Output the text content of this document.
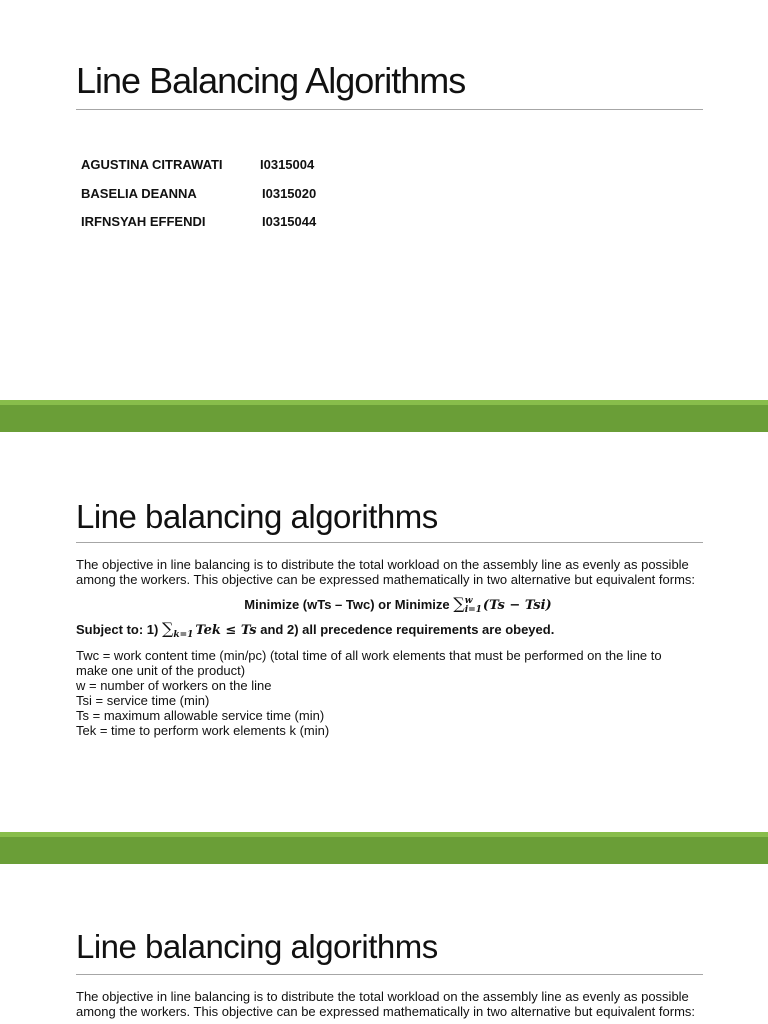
Line Balancing Algorithms
AGUSTINA CITRAWATI	I0315004
BASELIA DEANNA	I0315020
IRFNSYAH EFFENDI	I0315044
Line balancing algorithms

The objective in line balancing is to distribute the total workload on the assembly line as evenly as possible among the workers. This objective can be expressed mathematically in two alternative but equivalent forms:

Minimize (wTs – Twc) or Minimize ∑ w
i=1 (Ts − Tsi)
Subject to: 1) $\sum_{k=1}$ Tek ≤ Ts and 2) all precedence requirements are obeyed.

Twc = work content time (min/pc) (total time of all work elements that must be performed on the line to make one unit of the product)

w = number of workers on the line

Tsi = service time (min)

Ts = maximum allowable service time (min)

Tek = time to perform work elements k (min)

Line balancing algorithms

The objective in line balancing is to distribute the total workload on the assembly line as evenly as possible among the workers. This objective can be expressed mathematically in two alternative but equivalent forms:
